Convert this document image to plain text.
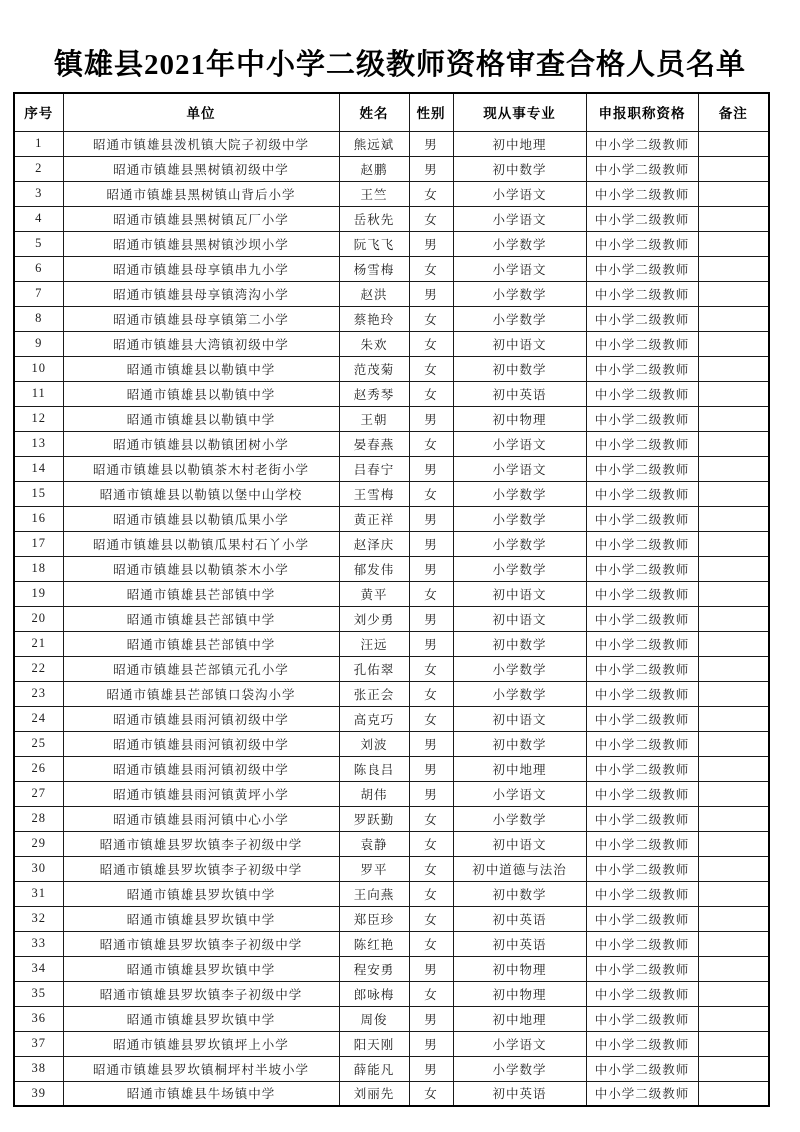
镇雄县2021年中小学二级教师资格审查合格人员名单
序号	单位	姓名	性别	现从事专业	申报职称资格	备注
1	昭通市镇雄县泼机镇大院子初级中学	熊远斌	男	初中地理	中小学二级教师	
2	昭通市镇雄县黑树镇初级中学	赵鹏	男	初中数学	中小学二级教师	
3	昭通市镇雄县黑树镇山背后小学	王竺	女	小学语文	中小学二级教师	
4	昭通市镇雄县黑树镇瓦厂小学	岳秋先	女	小学语文	中小学二级教师	
5	昭通市镇雄县黑树镇沙坝小学	阮飞飞	男	小学数学	中小学二级教师	
6	昭通市镇雄县母享镇串九小学	杨雪梅	女	小学语文	中小学二级教师	
7	昭通市镇雄县母享镇湾沟小学	赵洪	男	小学数学	中小学二级教师	
8	昭通市镇雄县母享镇第二小学	蔡艳玲	女	小学数学	中小学二级教师	
9	昭通市镇雄县大湾镇初级中学	朱欢	女	初中语文	中小学二级教师	
10	昭通市镇雄县以勒镇中学	范茂菊	女	初中数学	中小学二级教师	
11	昭通市镇雄县以勒镇中学	赵秀琴	女	初中英语	中小学二级教师	
12	昭通市镇雄县以勒镇中学	王朝	男	初中物理	中小学二级教师	
13	昭通市镇雄县以勒镇团树小学	晏春燕	女	小学语文	中小学二级教师	
14	昭通市镇雄县以勒镇茶木村老街小学	吕春宁	男	小学语文	中小学二级教师	
15	昭通市镇雄县以勒镇以堡中山学校	王雪梅	女	小学数学	中小学二级教师	
16	昭通市镇雄县以勒镇瓜果小学	黄正祥	男	小学数学	中小学二级教师	
17	昭通市镇雄县以勒镇瓜果村石丫小学	赵泽庆	男	小学数学	中小学二级教师	
18	昭通市镇雄县以勒镇茶木小学	郁发伟	男	小学数学	中小学二级教师	
19	昭通市镇雄县芒部镇中学	黄平	女	初中语文	中小学二级教师	
20	昭通市镇雄县芒部镇中学	刘少勇	男	初中语文	中小学二级教师	
21	昭通市镇雄县芒部镇中学	汪远	男	初中数学	中小学二级教师	
22	昭通市镇雄县芒部镇元孔小学	孔佑翠	女	小学数学	中小学二级教师	
23	昭通市镇雄县芒部镇口袋沟小学	张正会	女	小学数学	中小学二级教师	
24	昭通市镇雄县雨河镇初级中学	高克巧	女	初中语文	中小学二级教师	
25	昭通市镇雄县雨河镇初级中学	刘波	男	初中数学	中小学二级教师	
26	昭通市镇雄县雨河镇初级中学	陈良吕	男	初中地理	中小学二级教师	
27	昭通市镇雄县雨河镇黄坪小学	胡伟	男	小学语文	中小学二级教师	
28	昭通市镇雄县雨河镇中心小学	罗跃勤	女	小学数学	中小学二级教师	
29	昭通市镇雄县罗坎镇李子初级中学	袁静	女	初中语文	中小学二级教师	
30	昭通市镇雄县罗坎镇李子初级中学	罗平	女	初中道德与法治	中小学二级教师	
31	昭通市镇雄县罗坎镇中学	王向燕	女	初中数学	中小学二级教师	
32	昭通市镇雄县罗坎镇中学	郑臣珍	女	初中英语	中小学二级教师	
33	昭通市镇雄县罗坎镇李子初级中学	陈红艳	女	初中英语	中小学二级教师	
34	昭通市镇雄县罗坎镇中学	程安勇	男	初中物理	中小学二级教师	
35	昭通市镇雄县罗坎镇李子初级中学	郎咏梅	女	初中物理	中小学二级教师	
36	昭通市镇雄县罗坎镇中学	周俊	男	初中地理	中小学二级教师	
37	昭通市镇雄县罗坎镇坪上小学	阳天刚	男	小学语文	中小学二级教师	
38	昭通市镇雄县罗坎镇桐坪村半坡小学	薛能凡	男	小学数学	中小学二级教师	
39	昭通市镇雄县牛场镇中学	刘丽先	女	初中英语	中小学二级教师	
